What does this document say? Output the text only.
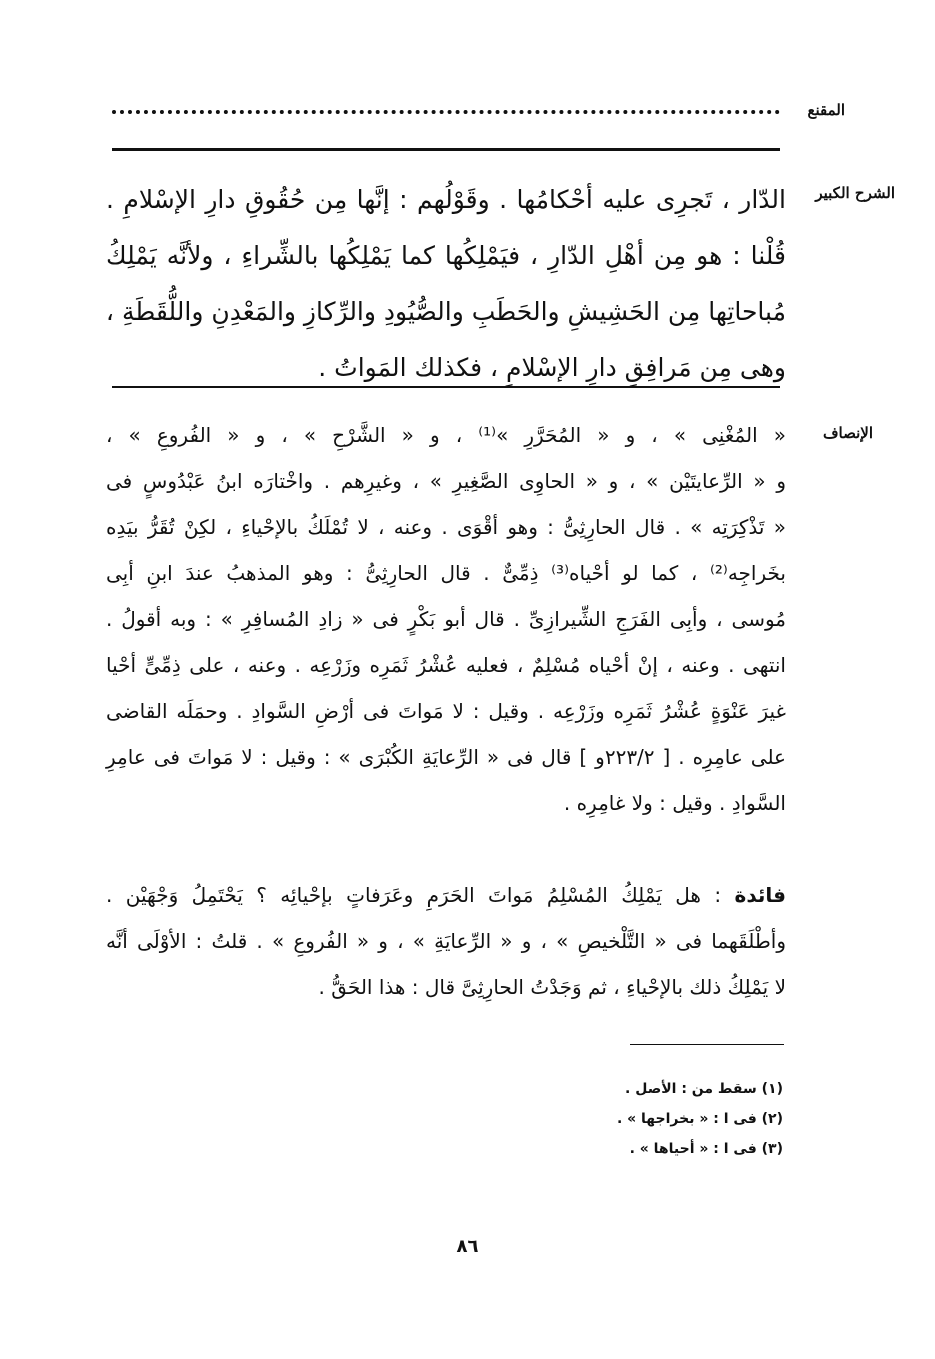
المقنع
الشرح الكبير
الدّار ، تَجرِى عليه أحْكامُها . وقَوْلُهم : إنَّها مِن حُقُوقِ دارِ الإسْلامِ .
قُلْنا : هو مِن أهْلِ الدّارِ ، فيَمْلِكُها كما يَمْلِكُها بالشِّراءِ ، ولأنَّه يَمْلِكُ
مُباحاتِها مِن الحَشِيشِ والحَطَبِ والصُّيُودِ والرِّكازِ والمَعْدِنِ واللُّقَطَةِ ،
وهى مِن مَرافِقِ دارِ الإسْلامِ ، فكذلك المَواتُ .
الإنصاف
« المُغْنِى » ، و « المُحَرَّرِ »⁽¹⁾ ، و « الشَّرْحِ » ، و « الفُروعِ » ،
و « الرِّعايتَيْن » ، و « الحاوِى الصَّغِيرِ » ، وغيرِهم . واخْتارَه ابنُ عَبْدُوسٍ فى
« تَذْكِرَتِه » . قال الحارِثِىُّ : وهو أقْوَى . وعنه ، لا تُمْلَكُ بالإحْياءِ ، لكِنْ تُقَرُّ بيَدِه
بخَراجِه⁽²⁾ ، كما لو أحْياه⁽³⁾ ذِمِّىٌّ . قال الحارِثِىُّ : وهو المذهبُ عندَ ابنِ أبِى
مُوسى ، وأبِى الفَرَجِ الشِّيرازِىِّ . قال أبو بَكْرٍ فى « زادِ المُسافِرِ » : وبه أقولُ .
انتهى . وعنه ، إنْ أحْياه مُسْلِمٌ ، فعليه عُشْرُ ثَمَرِه وزَرْعِه . وعنه ، على ذِمِّىٍّ أحْيا
غيرَ عَنْوَةٍ عُشْرُ ثَمَرِه وزَرْعِه . وقيل : لا مَواتَ فى أرْضِ السَّوادِ . وحمَلَه القاضى
على عامِرِه . [ ٢٢٣/٢و ] قال فى « الرِّعايَةِ الكُبْرَى » : وقيل : لا مَواتَ فى عامِرِ
السَّوادِ . وقيل : ولا غامِرِه .
فائدة : هل يَمْلِكُ المُسْلِمُ مَواتَ الحَرَمِ وعَرَفاتٍ بإحْيائِه ؟ يَحْتَمِلُ وَجْهَيْن .
وأطْلَقَهما فى « التَّلْخيصِ » ، و « الرِّعايَةِ » ، و « الفُروعِ » . قلتُ : الأوْلَى أنَّه
لا يَمْلِكُ ذلك بالإحْياءِ ، ثم وَجَدْتُ الحارِثِىَّ قال : هذا الحَقُّ .
(١) سقط من : الأصل .
(٢) فى ا : « بخراجها » .
(٣) فى ا : « أحياها » .
٨٦
